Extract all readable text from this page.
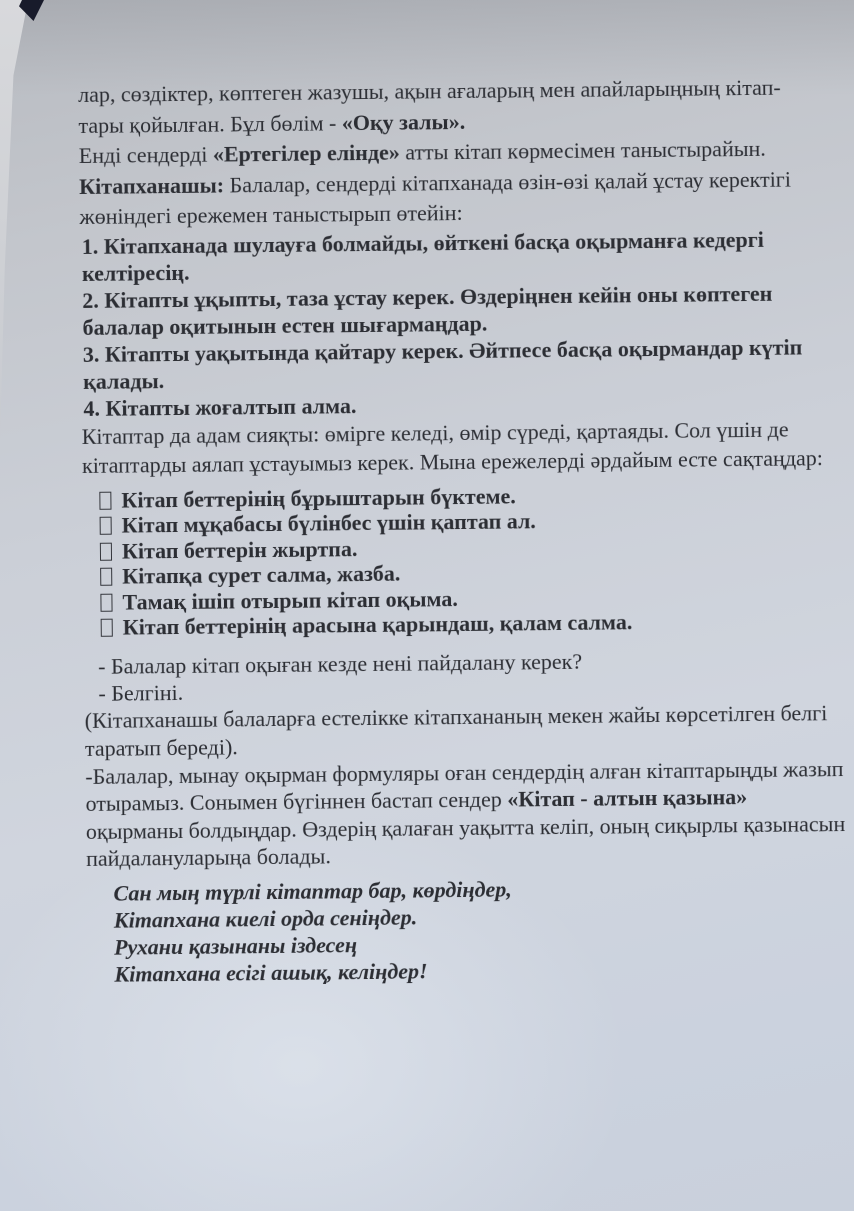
лар, сөздіктер, көптеген жазушы, ақын ағаларың мен апайларыңның кітап-
тары қойылған. Бұл бөлім - «Оқу залы».
Енді сендерді «Ертегілер елінде» атты кітап көрмесімен таныстырайын.

Кітапханашы: Балалар, сендерді кітапханада өзін-өзі қалай ұстау керектігі жөніндегі ережемен таныстырып өтейін:

1. Кітапханада шулауға болмайды, өйткені басқа оқырманға кедергі келтіресің.

2. Кітапты ұқыпты, таза ұстау керек. Өздеріңнен кейін оны көптеген балалар оқитынын естен шығармаңдар.

3. Кітапты уақытында қайтару керек. Әйтпесе басқа оқырмандар күтіп қалады.

4. Кітапты жоғалтып алма.

Кітаптар да адам сияқты: өмірге келеді, өмір сүреді, қартаяды. Сол үшін де кітаптарды аялап ұстауымыз керек. Мына ережелерді әрдайым есте сақтаңдар:

Кітап беттерінің бұрыштарын бүктеме.
Кітап мұқабасы бүлінбес үшін қаптап ал.
Кітап беттерін жыртпа.
Кітапқа сурет салма, жазба.
Тамақ ішіп отырып кітап оқыма.
Кітап беттерінің арасына қарындаш, қалам салма.

- Балалар кітап оқыған кезде нені пайдалану керек?

- Белгіні.

(Кітапханашы балаларға естелікке кітапхананың мекен жайы көрсетілген белгі таратып береді).

-Балалар, мынау оқырман формуляры оған сендердің алған кітаптарыңды жазып отырамыз. Сонымен бүгіннен бастап сендер «Кітап - алтын қазына» оқырманы болдыңдар. Өздерің қалаған уақытта келіп, оның сиқырлы қазынасын пайдалануларыңа болады.

Сан мың түрлі кітаптар бар, көрдіңдер,

Кітапхана киелі орда сеніңдер.

Рухани қазынаны іздесең

Кітапхана есігі ашық, келіңдер!
